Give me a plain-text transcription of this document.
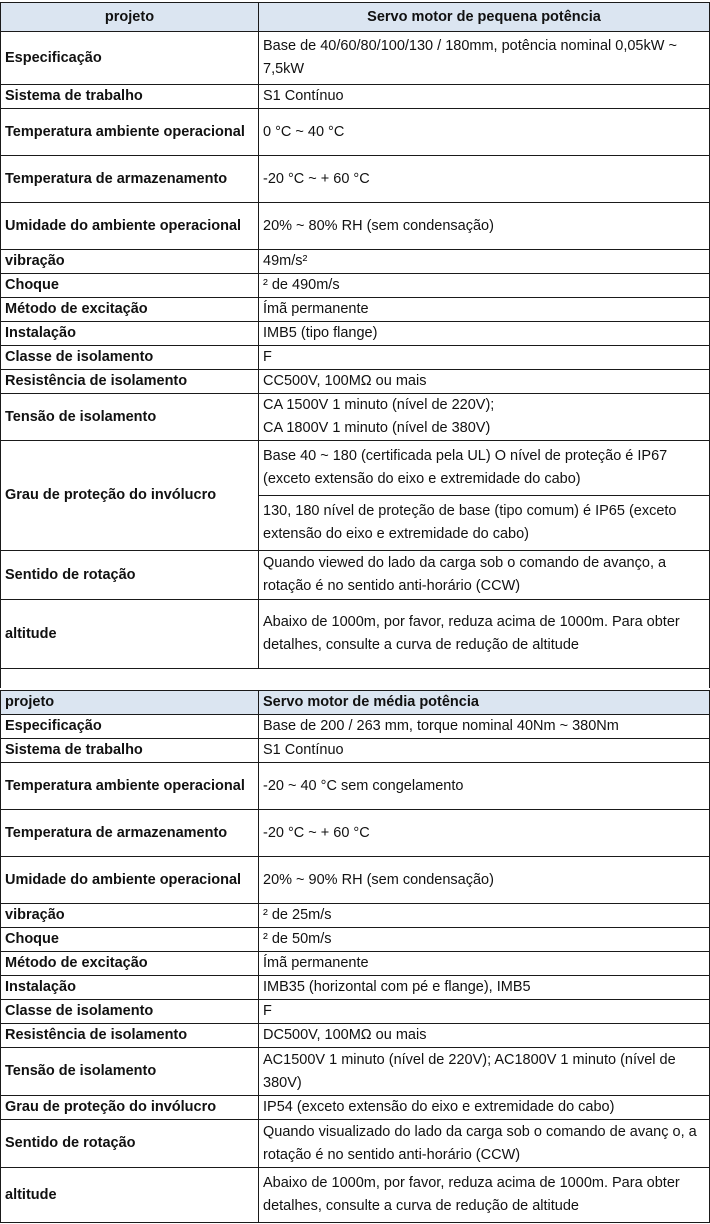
projeto	Servo motor de pequena potência
Especificação	Base de 40/60/80/100/130 / 180mm, potência nominal 0,05kW ~ 7,5kW
Sistema de trabalho	S1 Contínuo
Temperatura ambiente operacional	0 °C ~ 40 °C
Temperatura de armazenamento	-20 °C ~ + 60 °C
Umidade do ambiente operacional	20% ~ 80% RH (sem condensação)
vibração	49m/s²
Choque	² de 490m/s
Método de excitação	Ímã permanente
Instalação	IMB5 (tipo flange)
Classe de isolamento	F
Resistência de isolamento	CC500V, 100MΩ ou mais
Tensão de isolamento	CA 1500V 1 minuto (nível de 220V);
CA 1800V 1 minuto (nível de 380V)
Grau de proteção do invólucro	Base 40 ~ 180 (certificada pela UL) O nível de proteção é IP67 (exceto extensão do eixo e extremidade do cabo)
	130, 180 nível de proteção de base (tipo comum) é IP65 (exceto extensão do eixo e extremidade do cabo)
Sentido de rotação	Quando viewed do lado da carga sob o comando de avanço, a rotação é no sentido anti-horário (CCW)
altitude	Abaixo de 1000m, por favor, reduza acima de 1000m. Para obter detalhes, consulte a curva de redução de altitude
projeto	Servo motor de média potência
Especificação	Base de 200 / 263 mm, torque nominal 40Nm ~ 380Nm
Sistema de trabalho	S1 Contínuo
Temperatura ambiente operacional	-20 ~ 40 °C sem congelamento
Temperatura de armazenamento	-20 °C ~ + 60 °C
Umidade do ambiente operacional	20% ~ 90% RH (sem condensação)
vibração	² de 25m/s
Choque	² de 50m/s
Método de excitação	Ímã permanente
Instalação	IMB35 (horizontal com pé e flange), IMB5
Classe de isolamento	F
Resistência de isolamento	DC500V, 100MΩ ou mais
Tensão de isolamento	AC1500V 1 minuto (nível de 220V); AC1800V 1 minuto (nível de 380V)
Grau de proteção do invólucro	IP54 (exceto extensão do eixo e extremidade do cabo)
Sentido de rotação	Quando visualizado do lado da carga sob o comando de avanç o, a rotação é no sentido anti-horário (CCW)
altitude	Abaixo de 1000m, por favor, reduza acima de 1000m. Para obter detalhes, consulte a curva de redução de altitude
